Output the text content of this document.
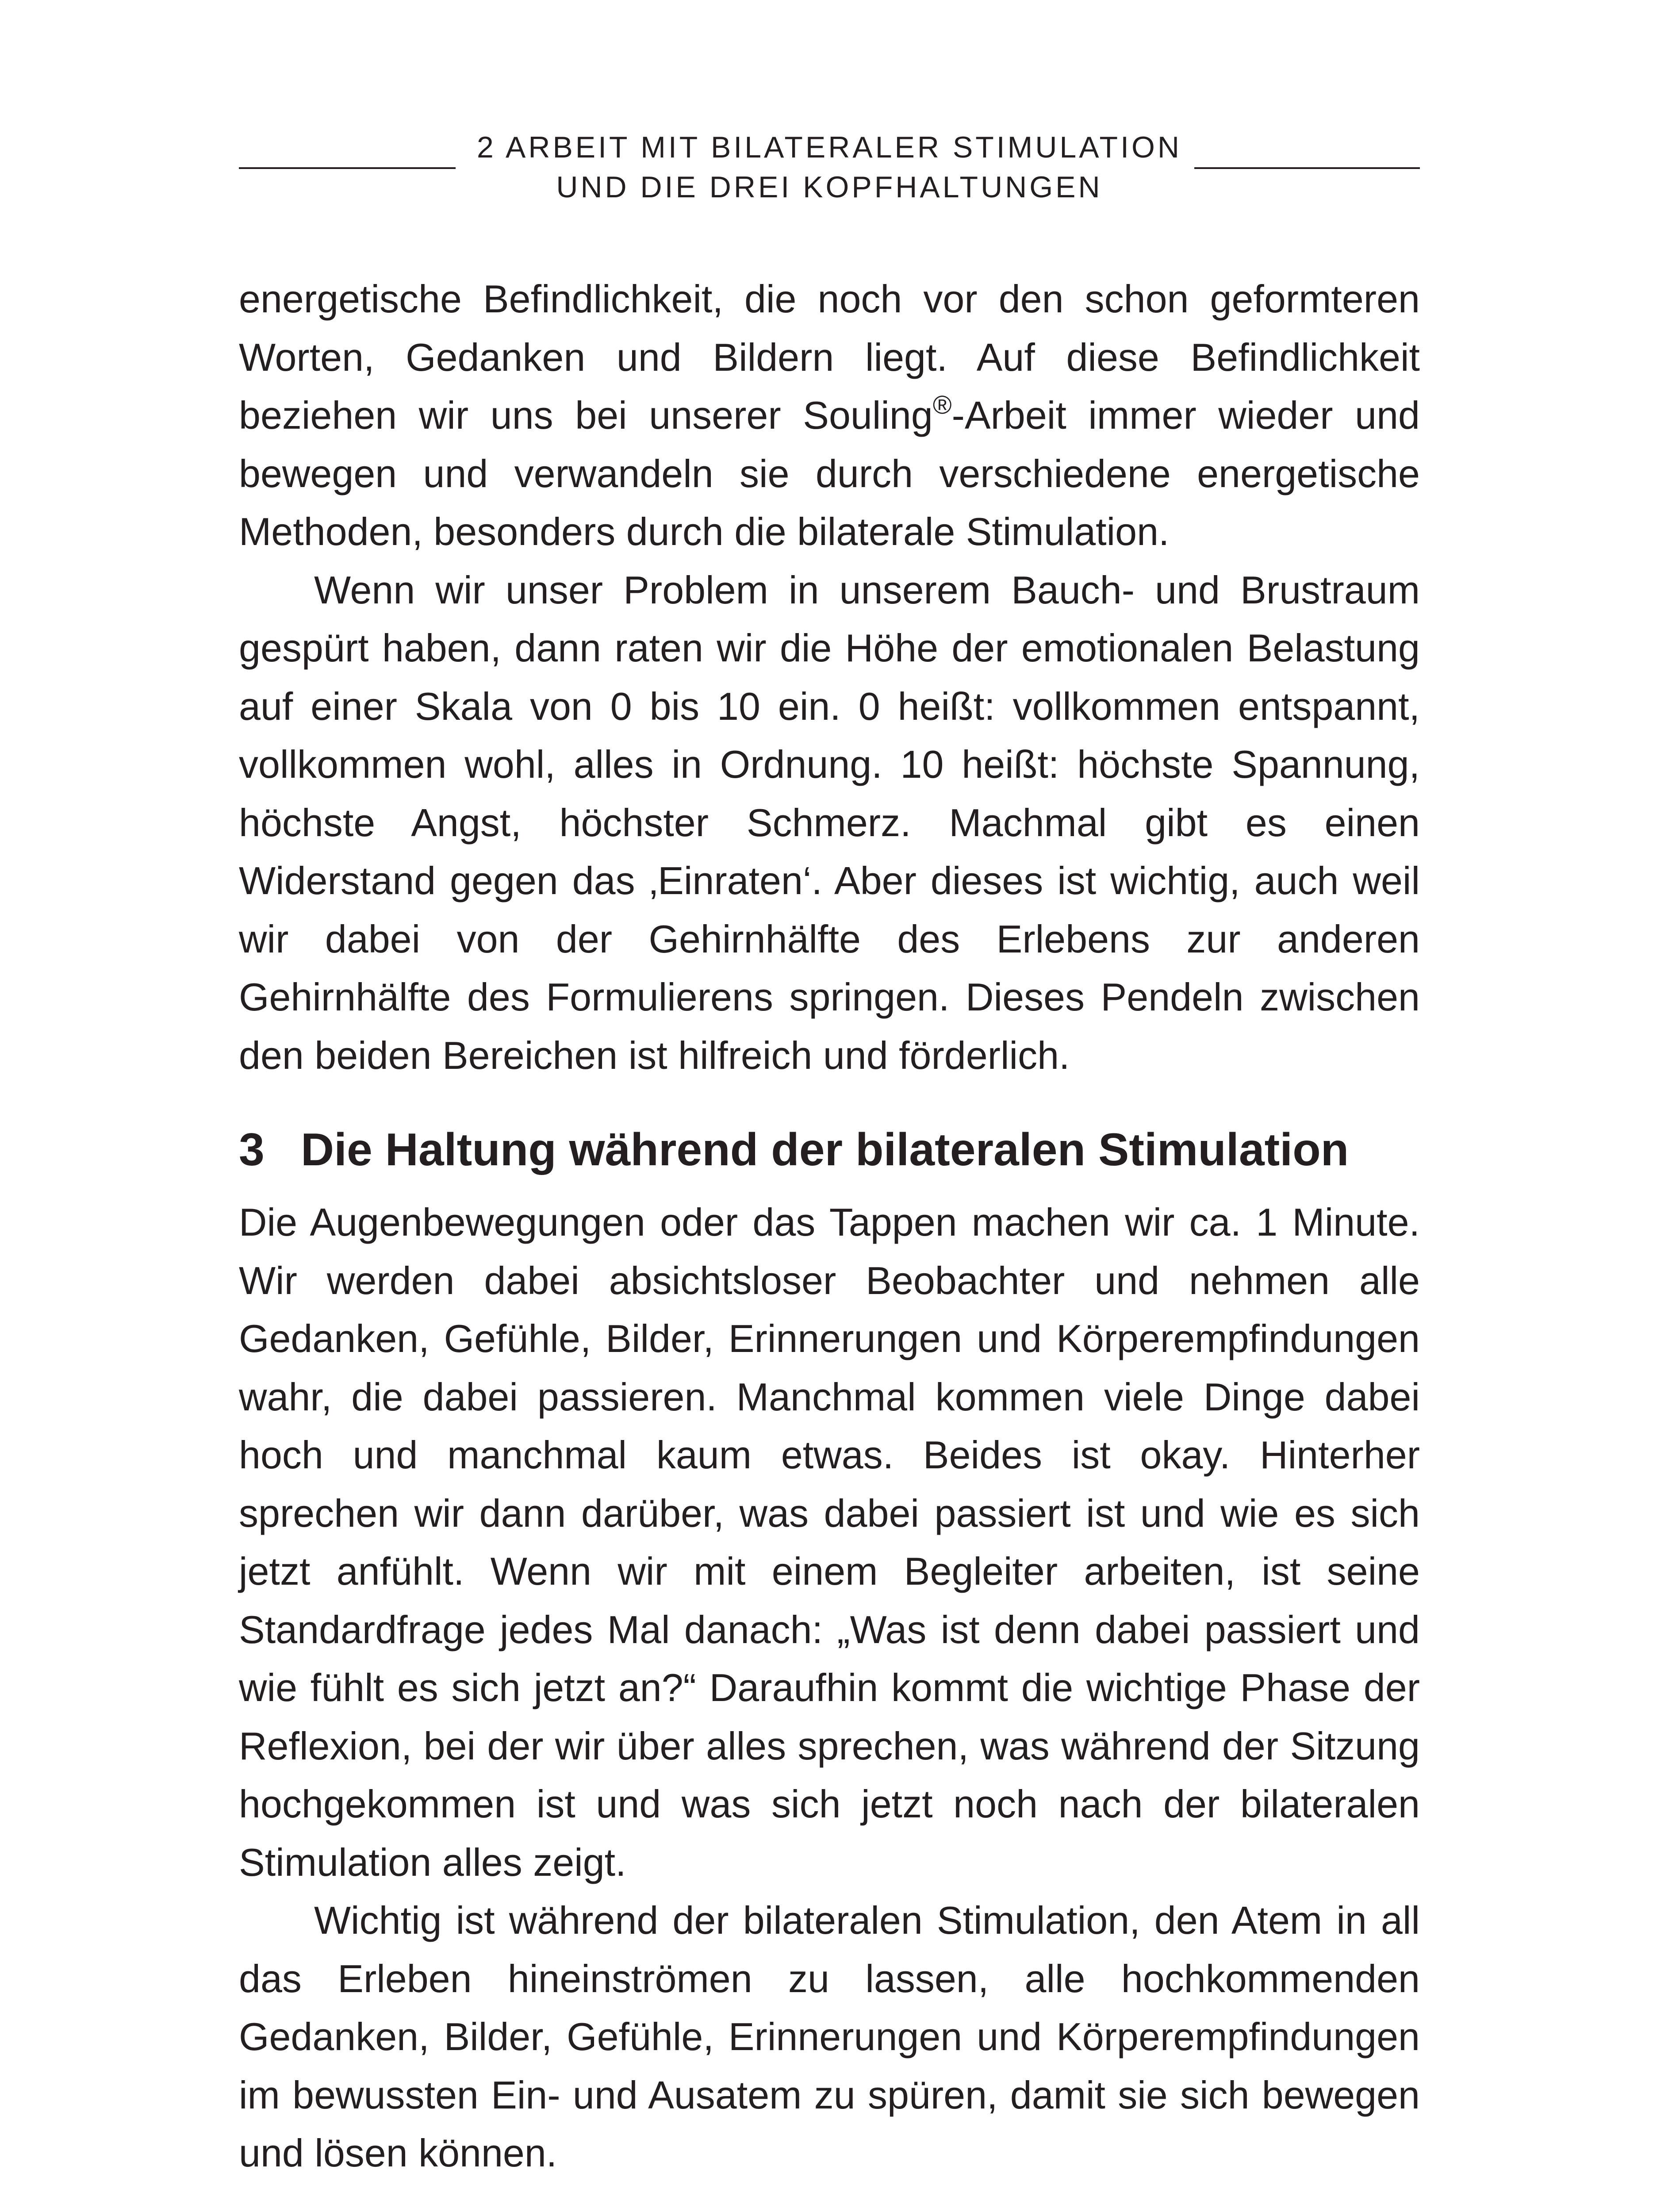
2 ARBEIT MIT BILATERALER STIMULATION
UND DIE DREI KOPFHALTUNGEN

energetische Befindlichkeit, die noch vor den schon geformteren Worten, Gedanken und Bildern liegt. Auf diese Befindlichkeit beziehen wir uns bei unserer Souling®-Arbeit immer wieder und bewegen und verwandeln sie durch verschiedene energetische Methoden, besonders durch die bilaterale Stimulation.

Wenn wir unser Problem in unserem Bauch- und Brustraum gespürt haben, dann raten wir die Höhe der emotionalen Belastung auf einer Skala von 0 bis 10 ein. 0 heißt: vollkommen entspannt, vollkommen wohl, alles in Ordnung. 10 heißt: höchste Spannung, höchste Angst, höchster Schmerz. Machmal gibt es einen Widerstand gegen das ‚Einraten‘. Aber dieses ist wichtig, auch weil wir dabei von der Gehirnhälfte des Erlebens zur anderen Gehirnhälfte des Formulierens springen. Dieses Pendeln zwischen den beiden Bereichen ist hilfreich und förderlich.

3 Die Haltung während der bilateralen Stimulation

Die Augenbewegungen oder das Tappen machen wir ca. 1 Minute. Wir werden dabei absichtsloser Beobachter und nehmen alle Gedanken, Gefühle, Bilder, Erinnerungen und Körperempfindungen wahr, die dabei passieren. Manchmal kommen viele Dinge dabei hoch und manchmal kaum etwas. Beides ist okay. Hinterher sprechen wir dann darüber, was dabei passiert ist und wie es sich jetzt anfühlt. Wenn wir mit einem Begleiter arbeiten, ist seine Standardfrage jedes Mal danach: „Was ist denn dabei passiert und wie fühlt es sich jetzt an?“ Daraufhin kommt die wichtige Phase der Reflexion, bei der wir über alles sprechen, was während der Sitzung hochgekommen ist und was sich jetzt noch nach der bilateralen Stimulation alles zeigt.

Wichtig ist während der bilateralen Stimulation, den Atem in all das Erleben hineinströmen zu lassen, alle hochkommenden Gedanken, Bilder, Gefühle, Erinnerungen und Körperempfindungen im bewussten Ein- und Ausatem zu spüren, damit sie sich bewegen und lösen können.
